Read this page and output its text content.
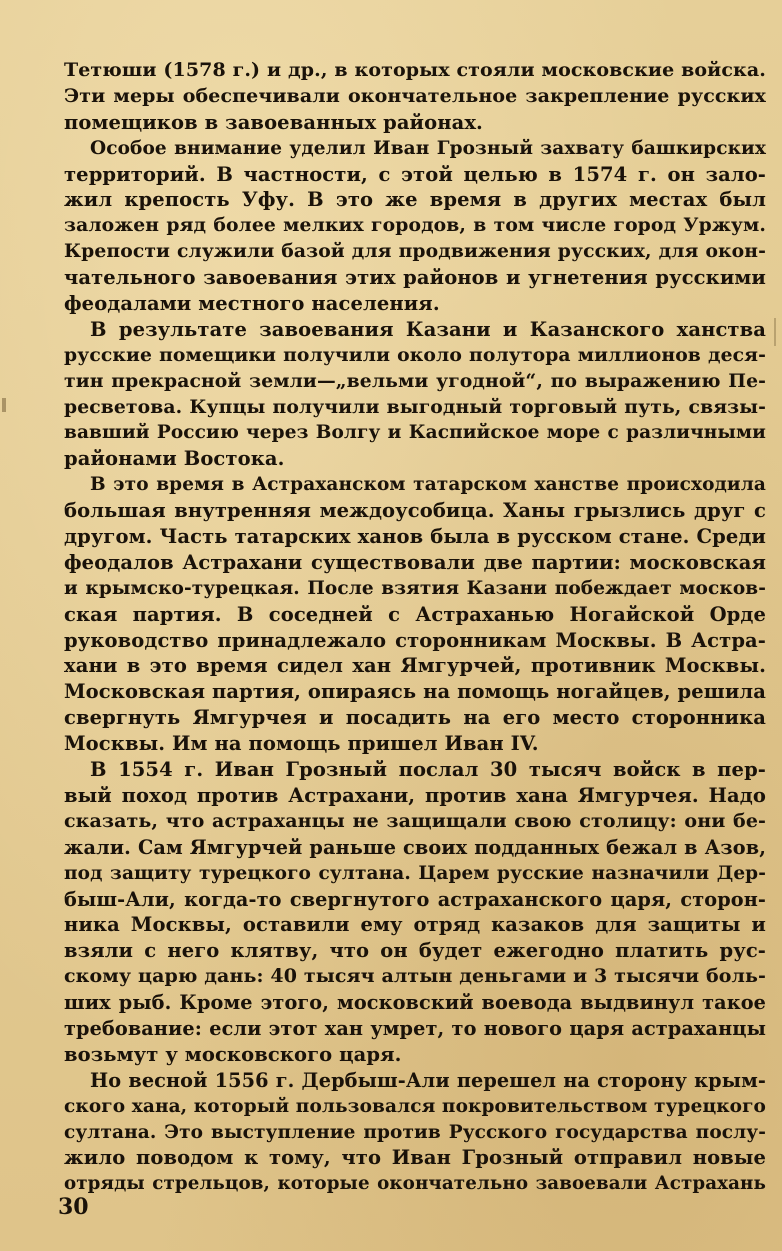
Тетюши (1578 г.) и др., в которых стояли московские войска.
Эти меры обеспечивали окончательное закрепление русских
помещиков в завоеванных районах.
Особое внимание уделил Иван Грозный захвату башкирских
территорий. В частности, с этой целью в 1574 г. он зало-
жил крепость Уфу. В это же время в других местах был
заложен ряд более мелких городов, в том числе город Уржум.
Крепости служили базой для продвижения русских, для окон-
чательного завоевания этих районов и угнетения русскими
феодалами местного населения.
В результате завоевания Казани и Казанского ханства
русские помещики получили около полутора миллионов деся-
тин прекрасной земли—„вельми угодной“, по выражению Пе-
ресветова. Купцы получили выгодный торговый путь, связы-
вавший Россию через Волгу и Каспийское море с различными
районами Востока.
В это время в Астраханском татарском ханстве происходила
большая внутренняя междоусобица. Ханы грызлись друг с
другом. Часть татарских ханов была в русском стане. Среди
феодалов Астрахани существовали две партии: московская
и крымско-турецкая. После взятия Казани побеждает москов-
ская партия. В соседней с Астраханью Ногайской Орде
руководство принадлежало сторонникам Москвы. В Астра-
хани в это время сидел хан Ямгурчей, противник Москвы.
Московская партия, опираясь на помощь ногайцев, решила
свергнуть Ямгурчея и посадить на его место сторонника
Москвы. Им на помощь пришел Иван IV.
В 1554 г. Иван Грозный послал 30 тысяч войск в пер-
вый поход против Астрахани, против хана Ямгурчея. Надо
сказать, что астраханцы не защищали свою столицу: они бе-
жали. Сам Ямгурчей раньше своих подданных бежал в Азов,
под защиту турецкого султана. Царем русские назначили Дер-
быш-Али, когда-то свергнутого астраханского царя, сторон-
ника Москвы, оставили ему отряд казаков для защиты и
взяли с него клятву, что он будет ежегодно платить рус-
скому царю дань: 40 тысяч алтын деньгами и 3 тысячи боль-
ших рыб. Кроме этого, московский воевода выдвинул такое
требование: если этот хан умрет, то нового царя астраханцы
возьмут у московского царя.
Но весной 1556 г. Дербыш-Али перешел на сторону крым-
ского хана, который пользовался покровительством турецкого
султана. Это выступление против Русского государства послу-
жило поводом к тому, что Иван Грозный отправил новые
отряды стрельцов, которые окончательно завоевали Астрахань
30
